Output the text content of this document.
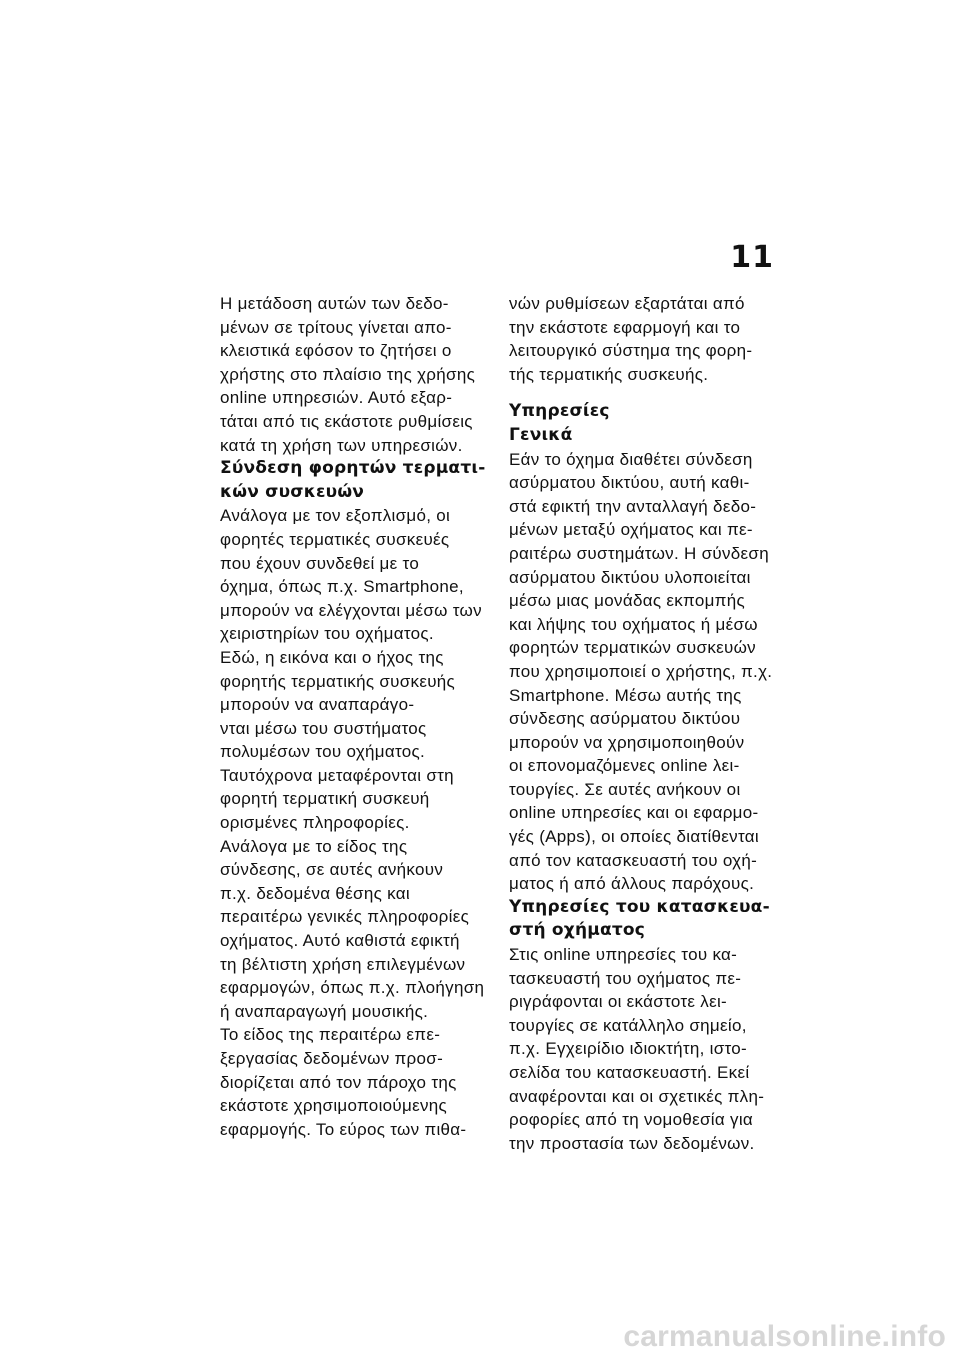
11
Η μετάδοση αυτών των δεδο-
μένων σε τρίτους γίνεται απο-
κλειστικά εφόσον το ζητήσει ο
χρήστης στο πλαίσιο της χρήσης
online υπηρεσιών. Αυτό εξαρ-
τάται από τις εκάστοτε ρυθμίσεις
κατά τη χρήση των υπηρεσιών.
Σύνδεση φορητών τερματι-
κών συσκευών
Ανάλογα με τον εξοπλισμό, οι
φορητές τερματικές συσκευές
που έχουν συνδεθεί με το
όχημα, όπως π.χ. Smartphone,
μπορούν να ελέγχονται μέσω των
χειριστηρίων του οχήματος.
Εδώ, η εικόνα και ο ήχος της
φορητής τερματικής συσκευής
μπορούν να αναπαράγο-
νται μέσω του συστήματος
πολυμέσων του οχήματος.
Ταυτόχρονα μεταφέρονται στη
φορητή τερματική συσκευή
ορισμένες πληροφορίες.
Ανάλογα με το είδος της
σύνδεσης, σε αυτές ανήκουν
π.χ. δεδομένα θέσης και
περαιτέρω γενικές πληροφορίες
οχήματος. Αυτό καθιστά εφικτή
τη βέλτιστη χρήση επιλεγμένων
εφαρμογών, όπως π.χ. πλοήγηση
ή αναπαραγωγή μουσικής.
Το είδος της περαιτέρω επε-
ξεργασίας δεδομένων προσ-
διορίζεται από τον πάροχο της
εκάστοτε χρησιμοποιούμενης
εφαρμογής. Το εύρος των πιθα-
νών ρυθμίσεων εξαρτάται από
την εκάστοτε εφαρμογή και το
λειτουργικό σύστημα της φορη-
τής τερματικής συσκευής.
Υπηρεσίες
Γενικά
Εάν το όχημα διαθέτει σύνδεση
ασύρματου δικτύου, αυτή καθι-
στά εφικτή την ανταλλαγή δεδο-
μένων μεταξύ οχήματος και πε-
ραιτέρω συστημάτων. Η σύνδεση
ασύρματου δικτύου υλοποιείται
μέσω μιας μονάδας εκπομπής
και λήψης του οχήματος ή μέσω
φορητών τερματικών συσκευών
που χρησιμοποιεί ο χρήστης, π.χ.
Smartphone. Μέσω αυτής της
σύνδεσης ασύρματου δικτύου
μπορούν να χρησιμοποιηθούν
οι επονομαζόμενες online λει-
τουργίες. Σε αυτές ανήκουν οι
online υπηρεσίες και οι εφαρμο-
γές (Apps), οι οποίες διατίθενται
από τον κατασκευαστή του οχή-
ματος ή από άλλους παρόχους.
Υπηρεσίες του κατασκευα-
στή οχήματος
Στις online υπηρεσίες του κα-
τασκευαστή του οχήματος πε-
ριγράφονται οι εκάστοτε λει-
τουργίες σε κατάλληλο σημείο,
π.χ. Εγχειρίδιο ιδιοκτήτη, ιστο-
σελίδα του κατασκευαστή. Εκεί
αναφέρονται και οι σχετικές πλη-
ροφορίες από τη νομοθεσία για
την προστασία των δεδομένων.
carmanualsonline.info
